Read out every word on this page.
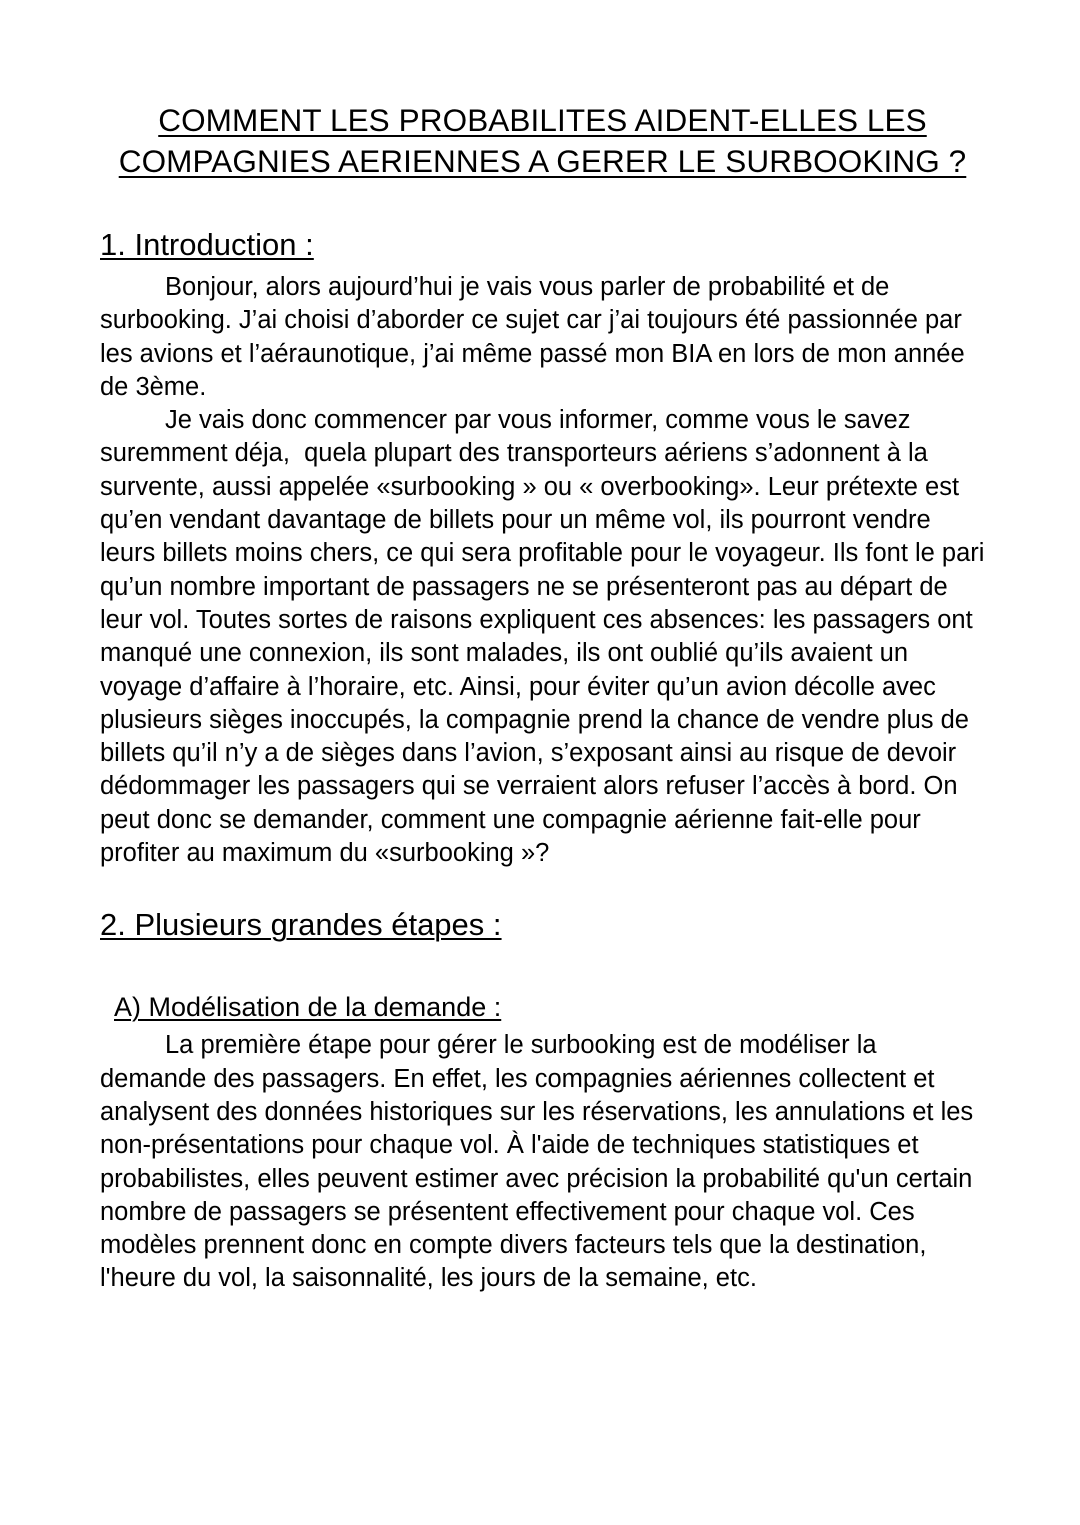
COMMENT LES PROBABILITES AIDENT-ELLES LES COMPAGNIES AERIENNES A GERER LE SURBOOKING ?
1. Introduction :

Bonjour, alors aujourd’hui je vais vous parler de probabilité et de surbooking. J’ai choisi d’aborder ce sujet car j’ai toujours été passionnée par les avions et l’aéraunotique, j’ai même passé mon BIA en lors de mon année de 3ème.

Je vais donc commencer par vous informer, comme vous le savez suremment déja,  quela plupart des transporteurs aériens s’adonnent à la survente, aussi appelée «surbooking » ou « overbooking». Leur prétexte est qu’en vendant davantage de billets pour un même vol, ils pourront vendre leurs billets moins chers, ce qui sera profitable pour le voyageur. Ils font le pari qu’un nombre important de passagers ne se présenteront pas au départ de leur vol. Toutes sortes de raisons expliquent ces absences: les passagers ont manqué une connexion, ils sont malades, ils ont oublié qu’ils avaient un voyage d’affaire à l’horaire, etc. Ainsi, pour éviter qu’un avion décolle avec plusieurs sièges inoccupés, la compagnie prend la chance de vendre plus de billets qu’il n’y a de sièges dans l’avion, s’exposant ainsi au risque de devoir dédommager les passagers qui se verraient alors refuser l’accès à bord. On peut donc se demander, comment une compagnie aérienne fait-elle pour profiter au maximum du «surbooking »?

2. Plusieurs grandes étapes :
A) Modélisation de la demande :

La première étape pour gérer le surbooking est de modéliser la demande des passagers. En effet, les compagnies aériennes collectent et analysent des données historiques sur les réservations, les annulations et les non-présentations pour chaque vol. À l'aide de techniques statistiques et probabilistes, elles peuvent estimer avec précision la probabilité qu'un certain nombre de passagers se présentent effectivement pour chaque vol. Ces modèles prennent donc en compte divers facteurs tels que la destination, l'heure du vol, la saisonnalité, les jours de la semaine, etc.
